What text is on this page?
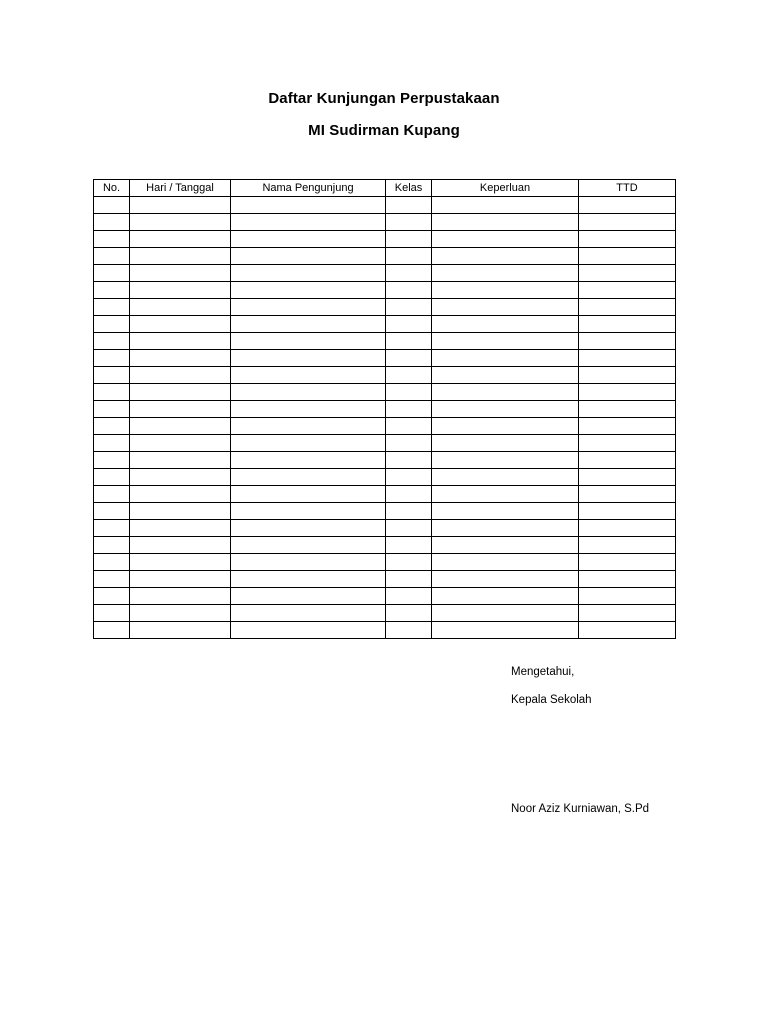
Daftar Kunjungan Perpustakaan
MI Sudirman Kupang
No.	Hari / Tanggal	Nama Pengunjung	Kelas	Keperluan	TTD

Mengetahui,
Kepala Sekolah
Noor Aziz Kurniawan, S.Pd
